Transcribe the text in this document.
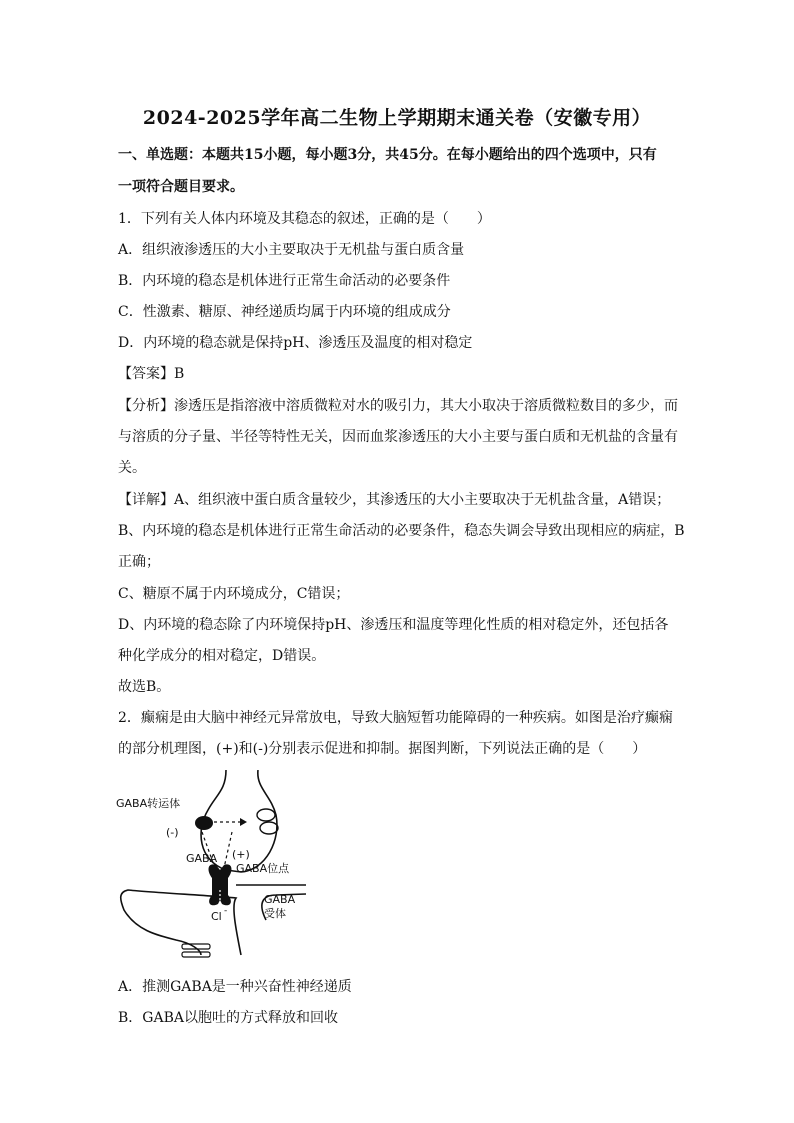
2024-2025学年高二生物上学期期末通关卷（安徽专用）
一、单选题：本题共15小题，每小题3分，共45分。在每小题给出的四个选项中，只有
一项符合题目要求。
1．下列有关人体内环境及其稳态的叙述，正确的是（　　）
A．组织液渗透压的大小主要取决于无机盐与蛋白质含量
B．内环境的稳态是机体进行正常生命活动的必要条件
C．性激素、糖原、神经递质均属于内环境的组成成分
D．内环境的稳态就是保持pH、渗透压及温度的相对稳定
【答案】B
【分析】渗透压是指溶液中溶质微粒对水的吸引力，其大小取决于溶质微粒数目的多少，而
与溶质的分子量、半径等特性无关，因而血浆渗透压的大小主要与蛋白质和无机盐的含量有
关。
【详解】A、组织液中蛋白质含量较少，其渗透压的大小主要取决于无机盐含量，A错误；
B、内环境的稳态是机体进行正常生命活动的必要条件，稳态失调会导致出现相应的病症，B
正确；
C、糖原不属于内环境成分，C错误；
D、内环境的稳态除了内环境保持pH、渗透压和温度等理化性质的相对稳定外，还包括各
种化学成分的相对稳定，D错误。
故选B。
2．癫痫是由大脑中神经元异常放电，导致大脑短暂功能障碍的一种疾病。如图是治疗癫痫
的部分机理图，(+)和(-)分别表示促进和抑制。据图判断，下列说法正确的是（　　）
GABA转运体
(-)
GABA (+)
GABA位点
Cl -
GABA
受体
A．推测GABA是一种兴奋性神经递质
B．GABA以胞吐的方式释放和回收
